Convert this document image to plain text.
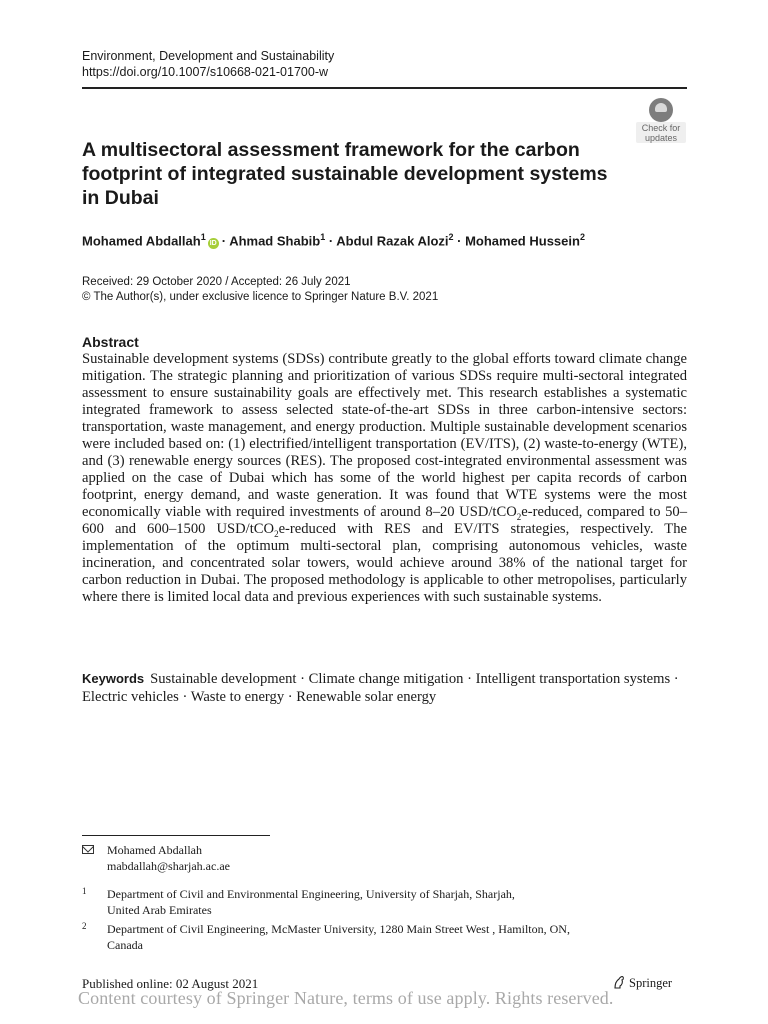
Environment, Development and Sustainability
https://doi.org/10.1007/s10668-021-01700-w
Check for
updates
A multisectoral assessment framework for the carbon footprint of integrated sustainable development systems in Dubai
Mohamed Abdallah$^1$ID · Ahmad Shabib$^1$ · Abdul Razak Alozi$^2$ · Mohamed Hussein$^2$
Received: 29 October 2020 / Accepted: 26 July 2021
© The Author(s), under exclusive licence to Springer Nature B.V. 2021
Abstract
Sustainable development systems (SDSs) contribute greatly to the global efforts toward climate change mitigation. The strategic planning and prioritization of various SDSs require multi-sectoral integrated assessment to ensure sustainability goals are effectively met. This research establishes a systematic integrated framework to assess selected state-of-the-art SDSs in three carbon-intensive sectors: transportation, waste management, and energy production. Multiple sustainable development scenarios were included based on: (1) electrified/intelligent transportation (EV/ITS), (2) waste-to-energy (WTE), and (3) renewable energy sources (RES). The proposed cost-integrated environmental assessment was applied on the case of Dubai which has some of the world highest per capita records of carbon footprint, energy demand, and waste generation. It was found that WTE systems were the most economically viable with required investments of around 8–20 USD/tCO$_2$e-reduced, compared to 50–600 and 600–1500 USD/tCO$_2$e-reduced with RES and EV/ITS strategies, respectively. The implementation of the optimum multi-sectoral plan, comprising autonomous vehicles, waste incineration, and concentrated solar towers, would achieve around 38% of the national target for carbon reduction in Dubai. The proposed methodology is applicable to other metropolises, particularly where there is limited local data and previous experiences with such sustainable systems.
Keywords Sustainable development · Climate change mitigation · Intelligent transportation systems · Electric vehicles · Waste to energy · Renewable solar energy
Mohamed Abdallah
mabdallah@sharjah.ac.ae
1 Department of Civil and Environmental Engineering, University of Sharjah, Sharjah,
United Arab Emirates
2 Department of Civil Engineering, McMaster University, 1280 Main Street West , Hamilton, ON,
Canada
Published online: 02 August 2021	Springer
Content courtesy of Springer Nature, terms of use apply. Rights reserved.
